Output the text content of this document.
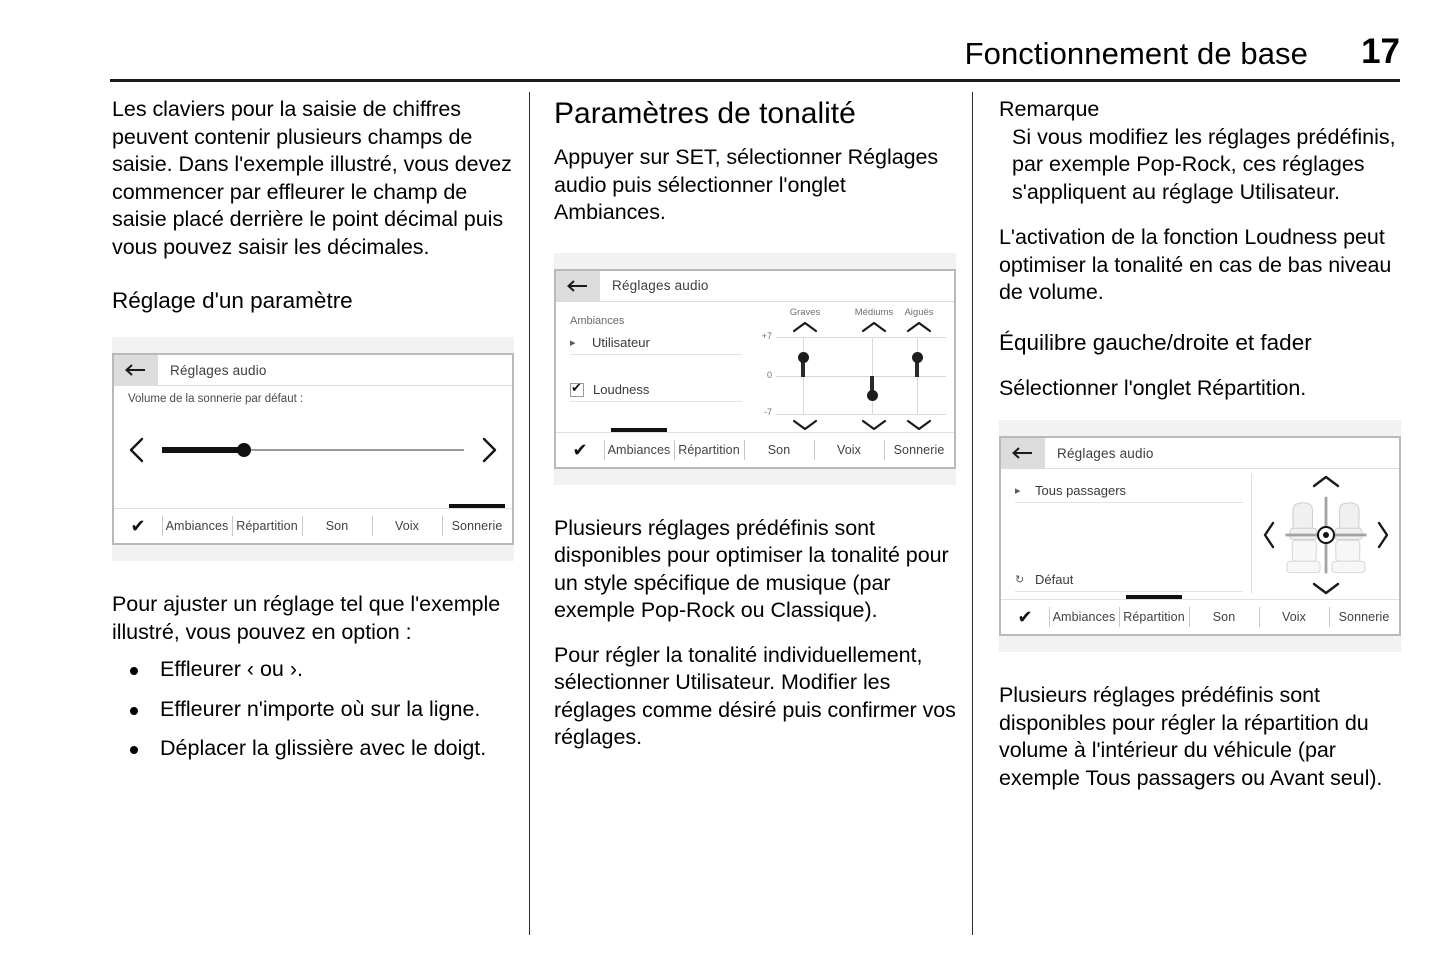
Fonctionnement de base 17

Les claviers pour la saisie de chiffres peuvent contenir plusieurs champs de saisie. Dans l'exemple illustré, vous devez commencer par effleurer le champ de saisie placé derrière le point décimal puis vous pouvez saisir les décimales.

Réglage d'un paramètre
Réglages audio
Volume de la sonnerie par défaut :
✔	Ambiances Répartition	Son	Voix	Sonnerie

Pour ajuster un réglage tel que l'exemple illustré, vous pouvez en option :

Effleurer ‹ ou ›.
Effleurer n'importe où sur la ligne.
Déplacer la glissière avec le doigt.
Paramètres de tonalité

Appuyer sur SET, sélectionner Réglages audio puis sélectionner l'onglet Ambiances.

Réglages audio
Ambiances
▸	Utilisateur
✔
Loudness
Graves	Médiums	Aiguës
+7
0
-7
✔	Ambiances Répartition	Son	Voix	Sonnerie

Plusieurs réglages prédéfinis sont disponibles pour optimiser la tonalité pour un style spécifique de musique (par exemple Pop-Rock ou Classique).

Pour régler la tonalité individuellement, sélectionner Utilisateur. Modifier les réglages comme désiré puis confirmer vos réglages.

Remarque

Si vous modifiez les réglages prédéfinis, par exemple Pop-Rock, ces réglages s'appliquent au réglage Utilisateur.

L'activation de la fonction Loudness peut optimiser la tonalité en cas de bas niveau de volume.

Équilibre gauche/droite et fader

Sélectionner l'onglet Répartition.

Réglages audio
▸	Tous passagers
↻ Défaut
✔	Ambiances Répartition	Son	Voix	Sonnerie

Plusieurs réglages prédéfinis sont disponibles pour régler la répartition du volume à l'intérieur du véhicule (par exemple Tous passagers ou Avant seul).
